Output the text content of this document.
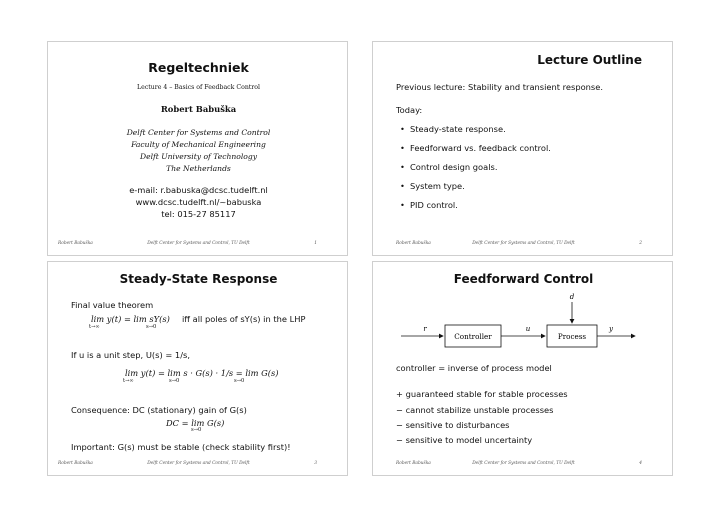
Regeltechniek
Lecture 4 – Basics of Feedback Control
Robert Babuška
Delft Center for Systems and Control
Faculty of Mechanical Engineering
Delft University of Technology
The Netherlands
e-mail: r.babuska@dcsc.tudelft.nl
www.dcsc.tudelft.nl/~babuska
tel: 015-27 85117
Robert Babuška	Delft Center for Systems and Control, TU Delft	1
Lecture Outline
Previous lecture: Stability and transient response.
Today:
• Steady-state response.
• Feedforward vs. feedback control.
• Control design goals.
• System type.
• PID control.
Robert Babuška	Delft Center for Systems and Control, TU Delft	2
Steady-State Response
Final value theorem
lim y(t) = lim sY(s)
t→∞	s→0
iff all poles of sY(s) in the LHP
If u is a unit step, U(s) = 1/s,
lim y(t) = lim s · G(s) · 1/s = lim G(s)
t→∞	s→0	s→0
Consequence: DC (stationary) gain of G(s)
DC = lim G(s)
s→0
Important: G(s) must be stable (check stability first)!
Robert Babuška	Delft Center for Systems and Control, TU Delft	3
Feedforward Control
d
r	u	y
Controller	Process
controller = inverse of process model
+ guaranteed stable for stable processes
− cannot stabilize unstable processes
− sensitive to disturbances
− sensitive to model uncertainty
Robert Babuška	Delft Center for Systems and Control, TU Delft	4
